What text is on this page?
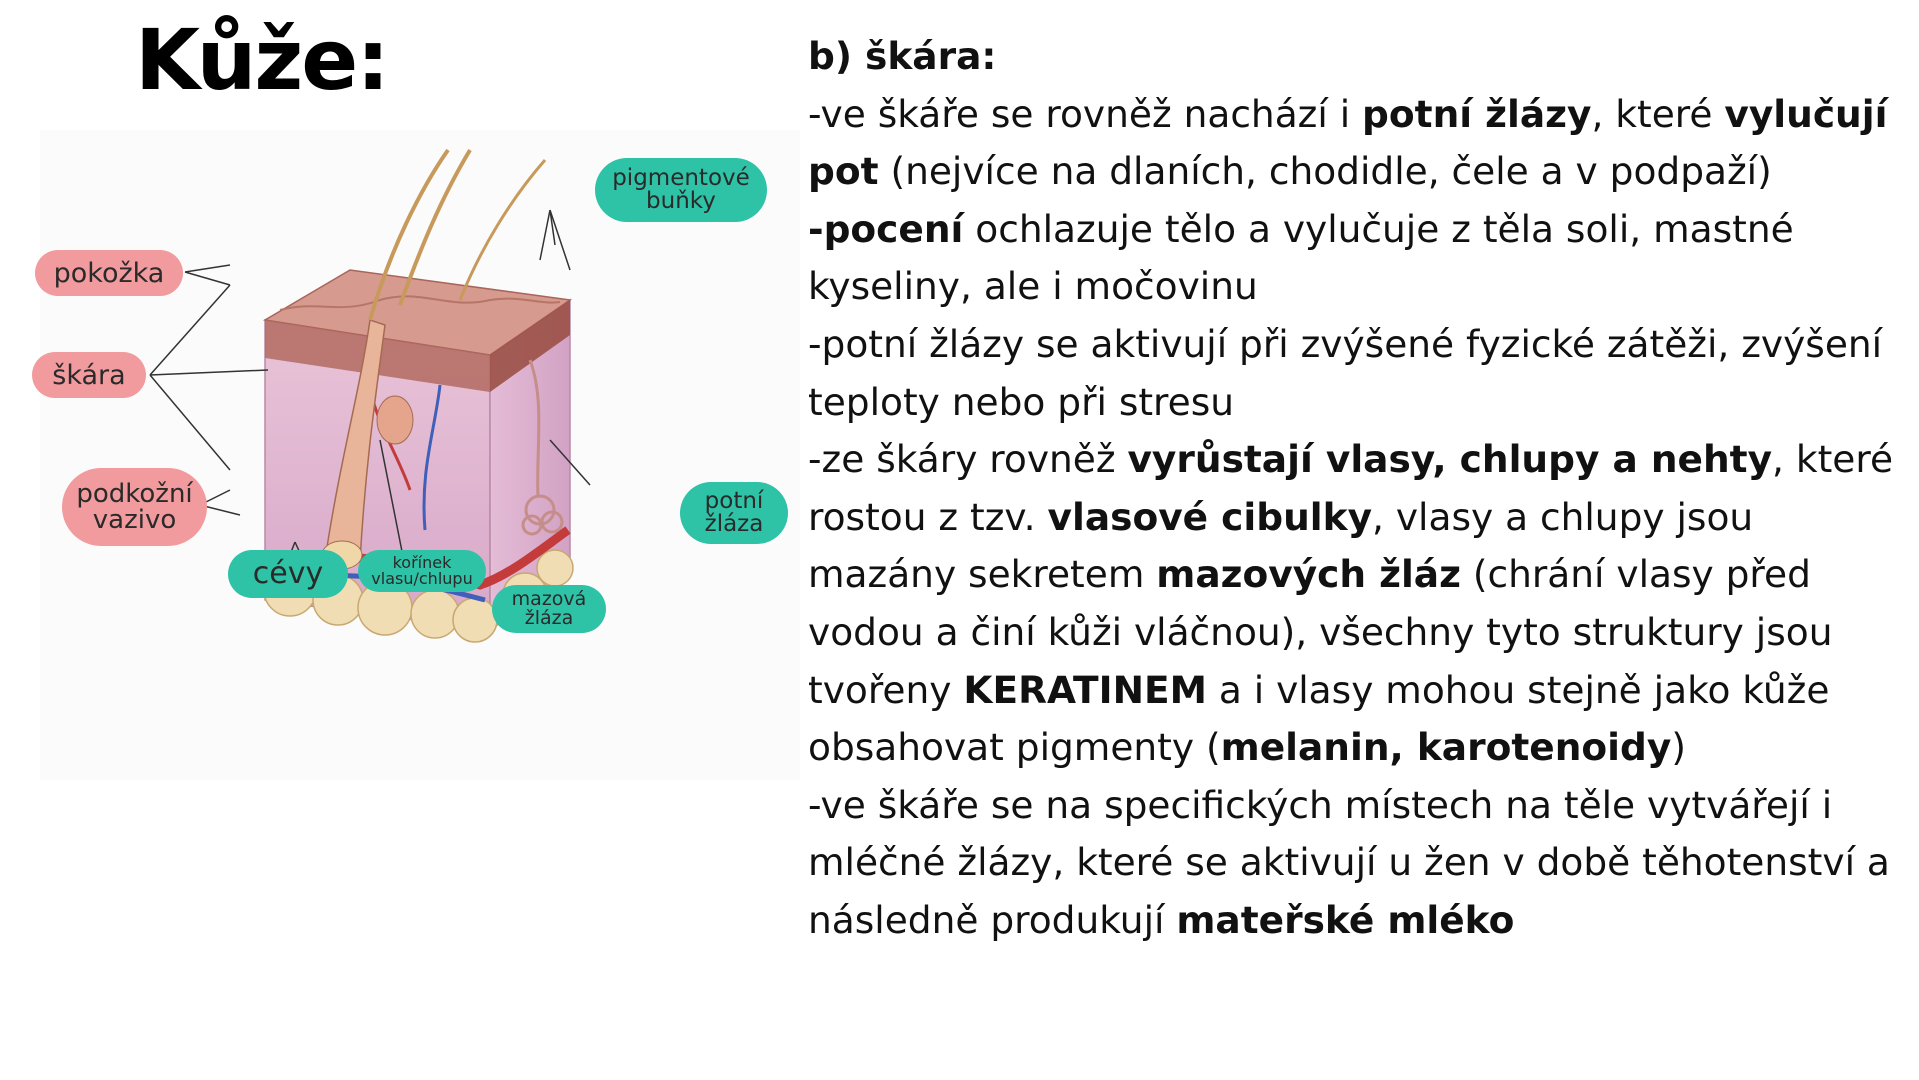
Kůže:
pokožka
škára
podkožní
vazivo
cévy	kořínek
vlasu/chlupu
mazová
žláza
potní
žláza
pigmentové
buňky

b) škára:

-ve škáře se rovněž nachází i potní žlázy, které vylučují pot (nejvíce na dlaních, chodidle, čele a v podpaží)

-pocení ochlazuje tělo a vylučuje z těla soli, mastné kyseliny, ale i močovinu

-potní žlázy se aktivují při zvýšené fyzické zátěži, zvýšení teploty nebo při stresu

-ze škáry rovněž vyrůstají vlasy, chlupy a nehty, které rostou z tzv. vlasové cibulky, vlasy a chlupy jsou mazány sekretem mazových žláz (chrání vlasy před vodou a činí kůži vláčnou), všechny tyto struktury jsou tvořeny KERATINEM a i vlasy mohou stejně jako kůže obsahovat pigmenty (melanin, karotenoidy)

-ve škáře se na specifických místech na těle vytvářejí i mléčné žlázy, které se aktivují u žen v době těhotenství a následně produkují mateřské mléko
